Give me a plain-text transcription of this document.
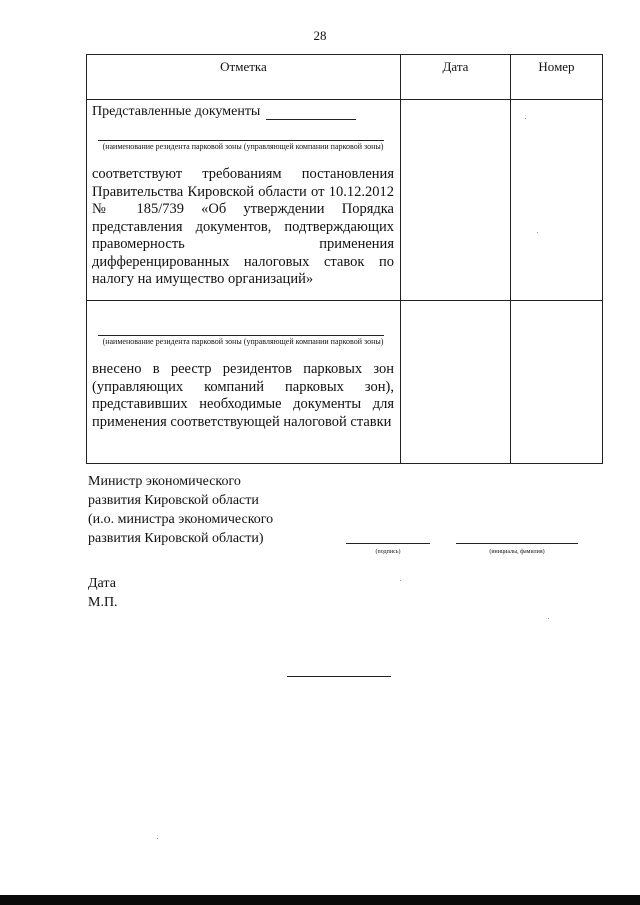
28
Отметка	Дата	Номер

Представленные документы
(наименование резидента парковой зоны (управляющей компании парковой зоны)
соответствуют требованиям постановления Правительства Кировской области от 10.12.2012 № 185/739 «Об утверждении Порядка представления документов, подтверждающих правомерность применения дифференцированных налоговых ставок по налогу на имущество организаций»		

(наименование резидента парковой зоны (управляющей компании парковой зоны)
внесено в реестр резидентов парковых зон (управляющих компаний парковых зон), представивших необходимые документы для применения соответствующей налоговой ставки		

Министр экономического
развития Кировской области
(и.о. министра экономического
развития Кировской области)
(подпись)	(инициалы, фамилия)
Дата
М.П.
